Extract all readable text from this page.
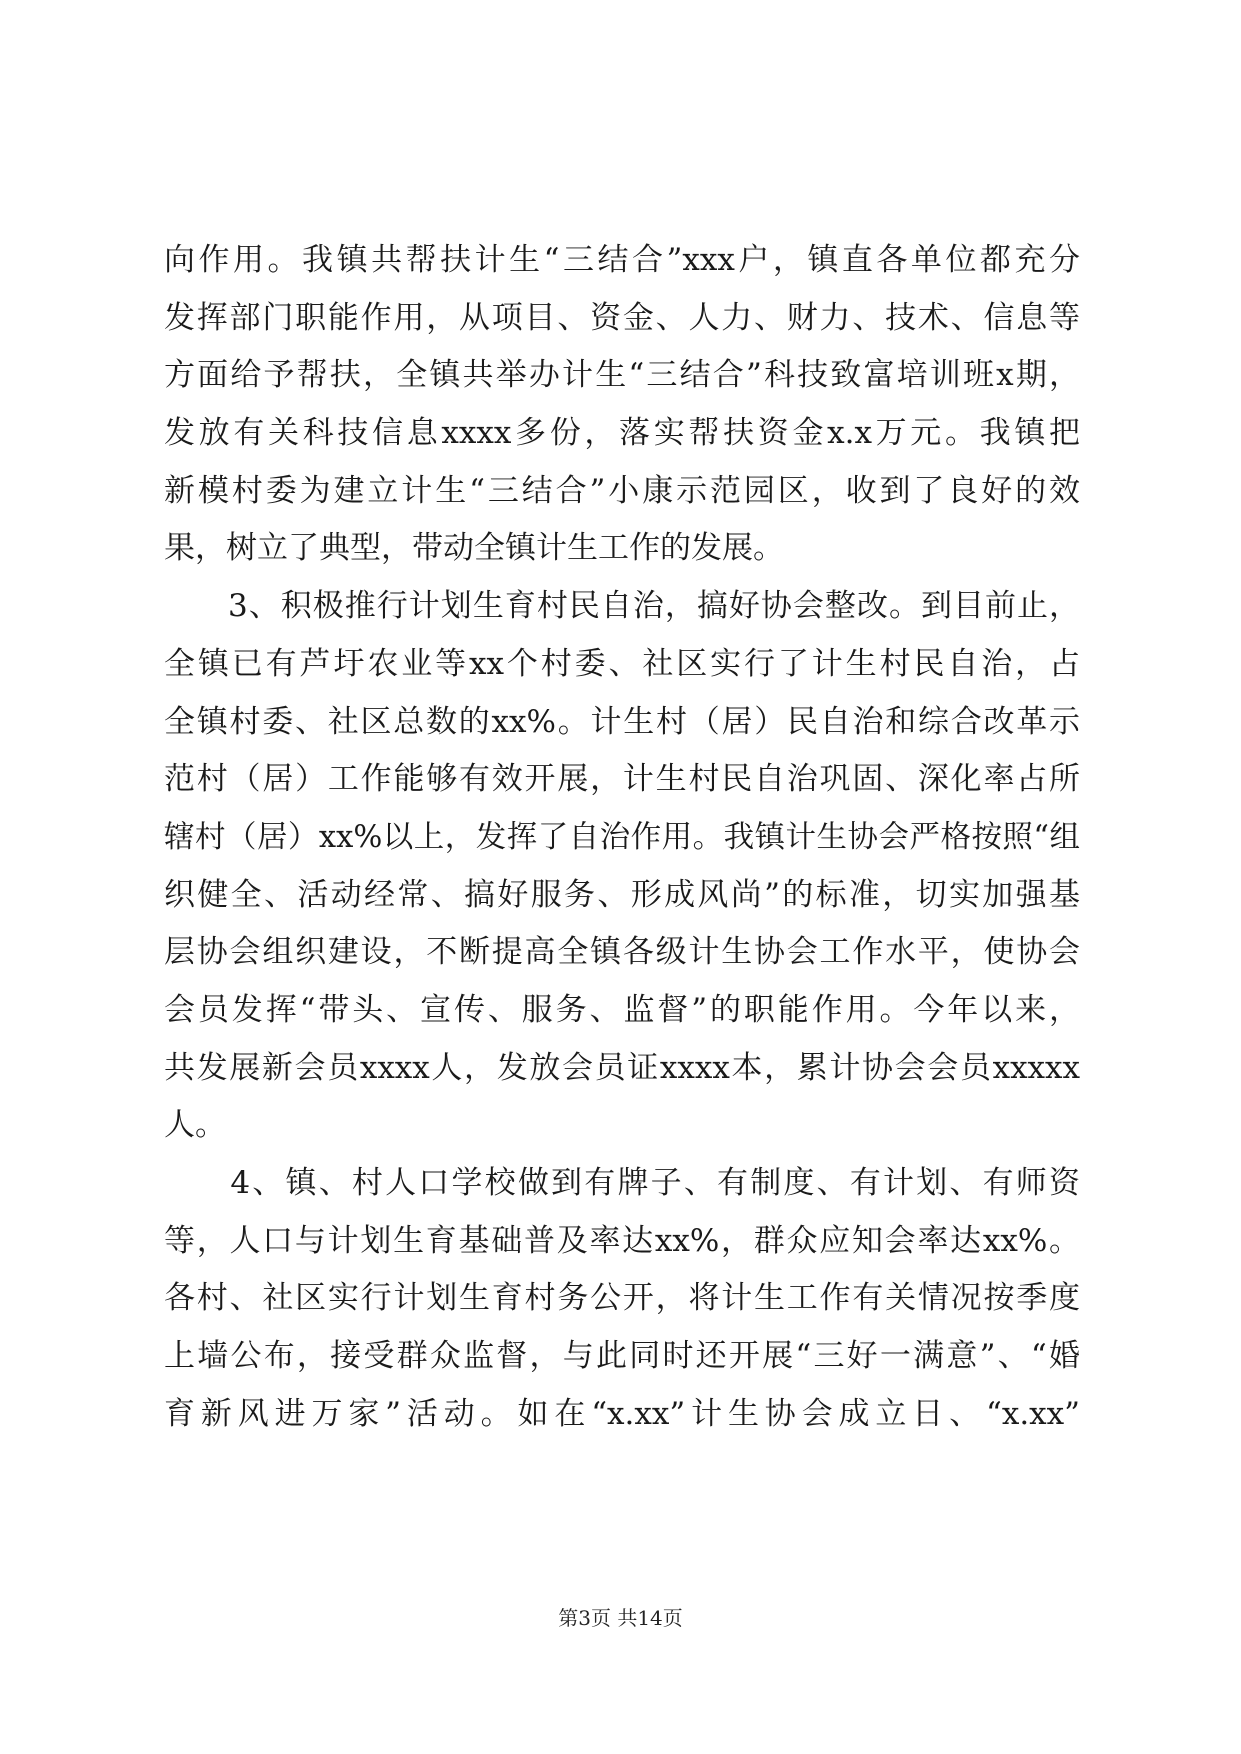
向作用。我镇共帮扶计生“三结合”xxx户，镇直各单位都充分
发挥部门职能作用，从项目、资金、人力、财力、技术、信息等
方面给予帮扶，全镇共举办计生“三结合”科技致富培训班x期，
发放有关科技信息xxxx多份，落实帮扶资金x.x万元。我镇把
新模村委为建立计生“三结合”小康示范园区，收到了良好的效
果，树立了典型，带动全镇计生工作的发展。
　　3、积极推行计划生育村民自治，搞好协会整改。到目前止，
全镇已有芦圩农业等xx个村委、社区实行了计生村民自治，占
全镇村委、社区总数的xx%。计生村（居）民自治和综合改革示
范村（居）工作能够有效开展，计生村民自治巩固、深化率占所
辖村（居）xx%以上，发挥了自治作用。我镇计生协会严格按照“组
织健全、活动经常、搞好服务、形成风尚”的标准，切实加强基
层协会组织建设，不断提高全镇各级计生协会工作水平，使协会
会员发挥“带头、宣传、服务、监督”的职能作用。今年以来，
共发展新会员xxxx人，发放会员证xxxx本，累计协会会员xxxxx
人。
　　4、镇、村人口学校做到有牌子、有制度、有计划、有师资
等，人口与计划生育基础普及率达xx%，群众应知会率达xx%。
各村、社区实行计划生育村务公开，将计生工作有关情况按季度
上墙公布，接受群众监督，与此同时还开展“三好一满意”、“婚
育新风进万家”活动。如在“x.xx”计生协会成立日、“x.xx”
第3页 共14页
